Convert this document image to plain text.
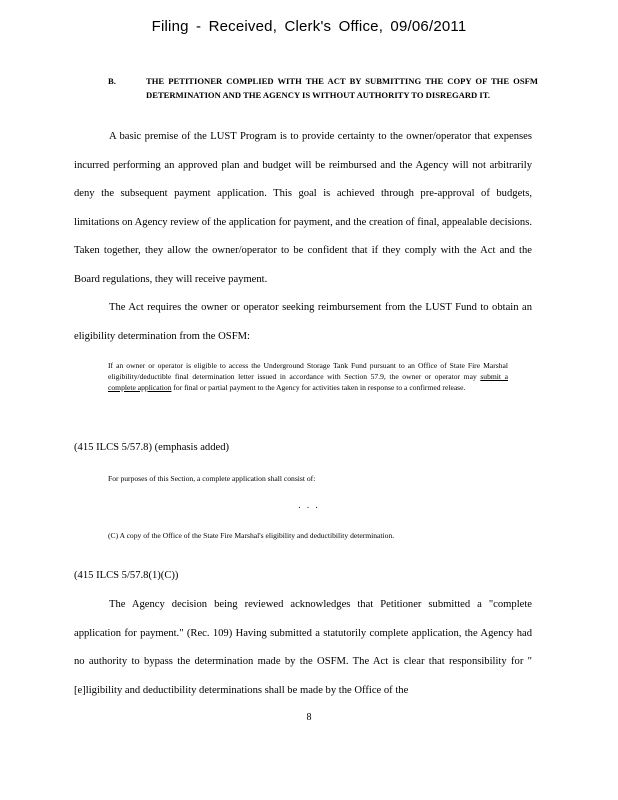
Filing - Received, Clerk's Office, 09/06/2011
B.	THE PETITIONER COMPLIED WITH THE ACT BY SUBMITTING THE COPY OF THE OSFM DETERMINATION AND THE AGENCY IS WITHOUT AUTHORITY TO DISREGARD IT.
A basic premise of the LUST Program is to provide certainty to the owner/operator that expenses incurred performing an approved plan and budget will be reimbursed and the Agency will not arbitrarily deny the subsequent payment application. This goal is achieved through pre-approval of budgets, limitations on Agency review of the application for payment, and the creation of final, appealable decisions. Taken together, they allow the owner/operator to be confident that if they comply with the Act and the Board regulations, they will receive payment.
The Act requires the owner or operator seeking reimbursement from the LUST Fund to obtain an eligibility determination from the OSFM:
If an owner or operator is eligible to access the Underground Storage Tank Fund pursuant to an Office of State Fire Marshal eligibility/deductible final determination letter issued in accordance with Section 57.9, the owner or operator may submit a complete application for final or partial payment to the Agency for activities taken in response to a confirmed release.
(415 ILCS 5/57.8) (emphasis added)
For purposes of this Section, a complete application shall consist of:
. . .
(C) A copy of the Office of the State Fire Marshal's eligibility and deductibility determination.
(415 ILCS 5/57.8(1)(C))
The Agency decision being reviewed acknowledges that Petitioner submitted a "complete application for payment." (Rec. 109) Having submitted a statutorily complete application, the Agency had no authority to bypass the determination made by the OSFM. The Act is clear that responsibility for "[e]ligibility and deductibility determinations shall be made by the Office of the
8
